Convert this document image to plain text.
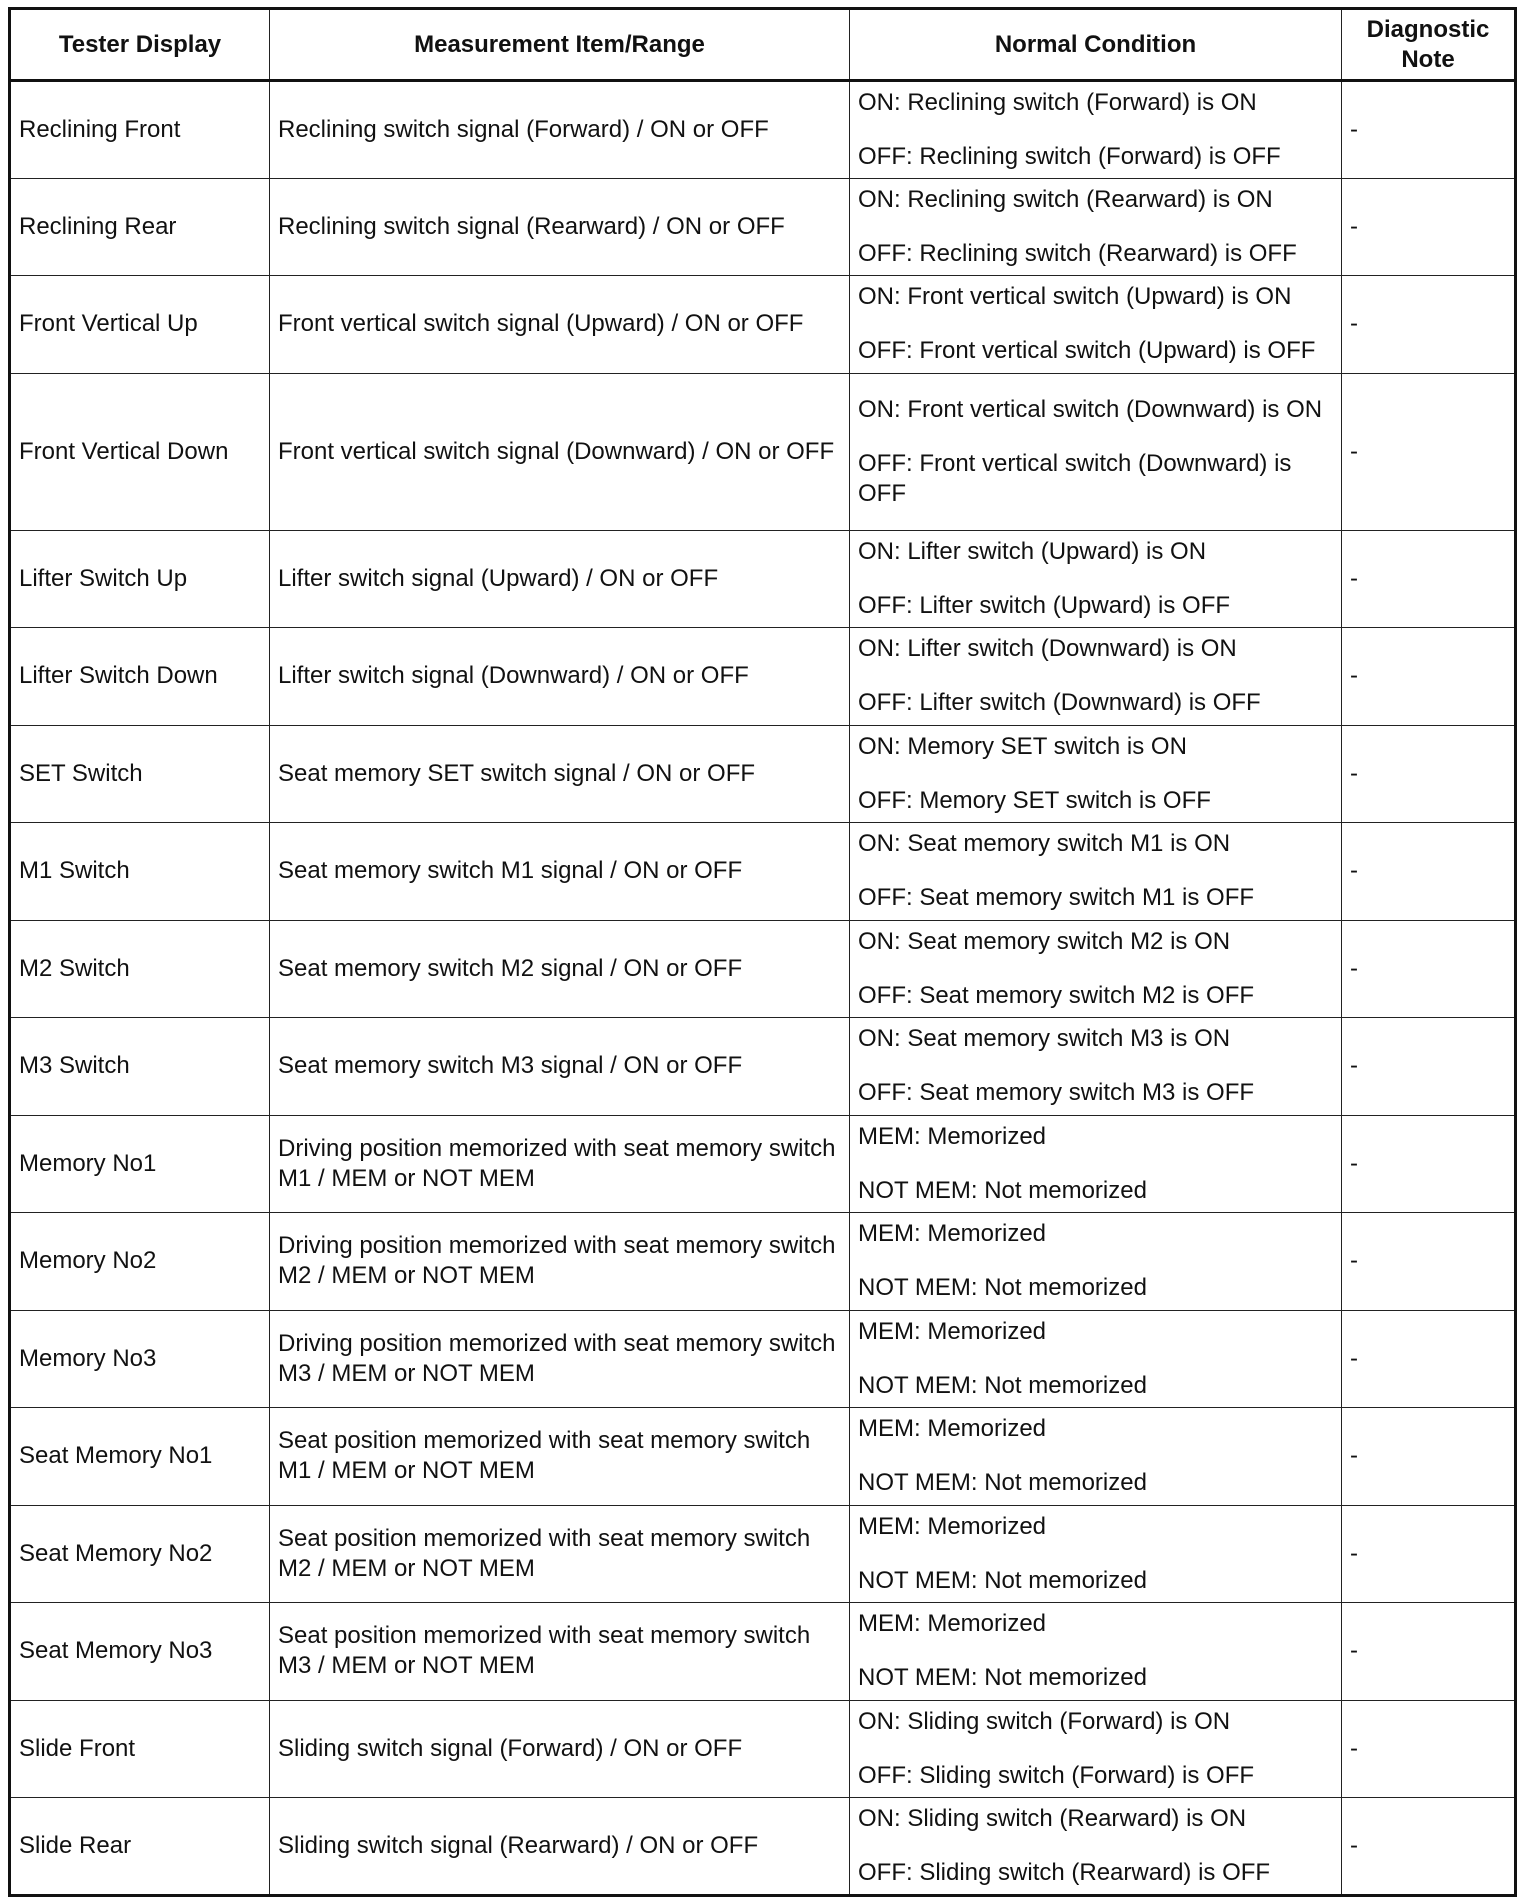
Tester Display	Measurement Item/Range	Normal Condition	Diagnostic Note
Reclining Front	Reclining switch signal (Forward) / ON or OFF	ON: Reclining switch (Forward) is ON
OFF: Reclining switch (Forward) is OFF	-
Reclining Rear	Reclining switch signal (Rearward) / ON or OFF	ON: Reclining switch (Rearward) is ON
OFF: Reclining switch (Rearward) is OFF	-
Front Vertical Up	Front vertical switch signal (Upward) / ON or OFF	ON: Front vertical switch (Upward) is ON
OFF: Front vertical switch (Upward) is OFF	-
Front Vertical Down	Front vertical switch signal (Downward) / ON or OFF	ON: Front vertical switch (Downward) is ON
OFF: Front vertical switch (Downward) is OFF	-
Lifter Switch Up	Lifter switch signal (Upward) / ON or OFF	ON: Lifter switch (Upward) is ON
OFF: Lifter switch (Upward) is OFF	-
Lifter Switch Down	Lifter switch signal (Downward) / ON or OFF	ON: Lifter switch (Downward) is ON
OFF: Lifter switch (Downward) is OFF	-
SET Switch	Seat memory SET switch signal / ON or OFF	ON: Memory SET switch is ON
OFF: Memory SET switch is OFF	-
M1 Switch	Seat memory switch M1 signal / ON or OFF	ON: Seat memory switch M1 is ON
OFF: Seat memory switch M1 is OFF	-
M2 Switch	Seat memory switch M2 signal / ON or OFF	ON: Seat memory switch M2 is ON
OFF: Seat memory switch M2 is OFF	-
M3 Switch	Seat memory switch M3 signal / ON or OFF	ON: Seat memory switch M3 is ON
OFF: Seat memory switch M3 is OFF	-
Memory No1	Driving position memorized with seat memory switch M1 / MEM or NOT MEM	MEM: Memorized
NOT MEM: Not memorized	-
Memory No2	Driving position memorized with seat memory switch M2 / MEM or NOT MEM	MEM: Memorized
NOT MEM: Not memorized	-
Memory No3	Driving position memorized with seat memory switch M3 / MEM or NOT MEM	MEM: Memorized
NOT MEM: Not memorized	-
Seat Memory No1	Seat position memorized with seat memory switch M1 / MEM or NOT MEM	MEM: Memorized
NOT MEM: Not memorized	-
Seat Memory No2	Seat position memorized with seat memory switch M2 / MEM or NOT MEM	MEM: Memorized
NOT MEM: Not memorized	-
Seat Memory No3	Seat position memorized with seat memory switch M3 / MEM or NOT MEM	MEM: Memorized
NOT MEM: Not memorized	-
Slide Front	Sliding switch signal (Forward) / ON or OFF	ON: Sliding switch (Forward) is ON
OFF: Sliding switch (Forward) is OFF	-
Slide Rear	Sliding switch signal (Rearward) / ON or OFF	ON: Sliding switch (Rearward) is ON
OFF: Sliding switch (Rearward) is OFF	-
